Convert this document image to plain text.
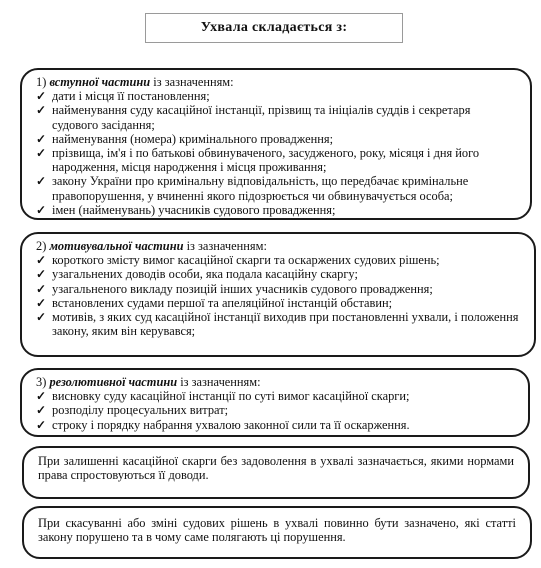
Ухвала складається з:
1) вступної частини із зазначенням:
✓ дати і місця її постановлення;
✓ найменування суду касаційної інстанції, прізвищ та ініціалів суддів і секретаря судового засідання;
✓ найменування (номера) кримінального провадження;
✓ прізвища, ім'я і по батькові обвинуваченого, засудженого, року, місяця і дня його народження, місця народження і місця проживання;
✓ закону України про кримінальну відповідальність, що передбачає кримінальне правопорушення, у вчиненні якого підозрюється чи обвинувачується особа;
✓ імен (найменувань) учасників судового провадження;
2) мотивувальної частини із зазначенням:
✓ короткого змісту вимог касаційної скарги та оскаржених судових рішень;
✓ узагальнених доводів особи, яка подала касаційну скаргу;
✓ узагальненого викладу позицій інших учасників судового провадження;
✓ встановлених судами першої та апеляційної інстанцій обставин;
✓ мотивів, з яких суд касаційної інстанції виходив при постановленні ухвали, і положення закону, яким він керувався;
3) резолютивної частини із зазначенням:
✓ висновку суду касаційної інстанції по суті вимог касаційної скарги;
✓ розподілу процесуальних витрат;
✓ строку і порядку набрання ухвалою законної сили та її оскарження.
При залишенні касаційної скарги без задоволення в ухвалі зазначається, якими нормами права спростовуються її доводи.
При скасуванні або зміні судових рішень в ухвалі повинно бути зазначено, які статті закону порушено та в чому саме полягають ці порушення.
